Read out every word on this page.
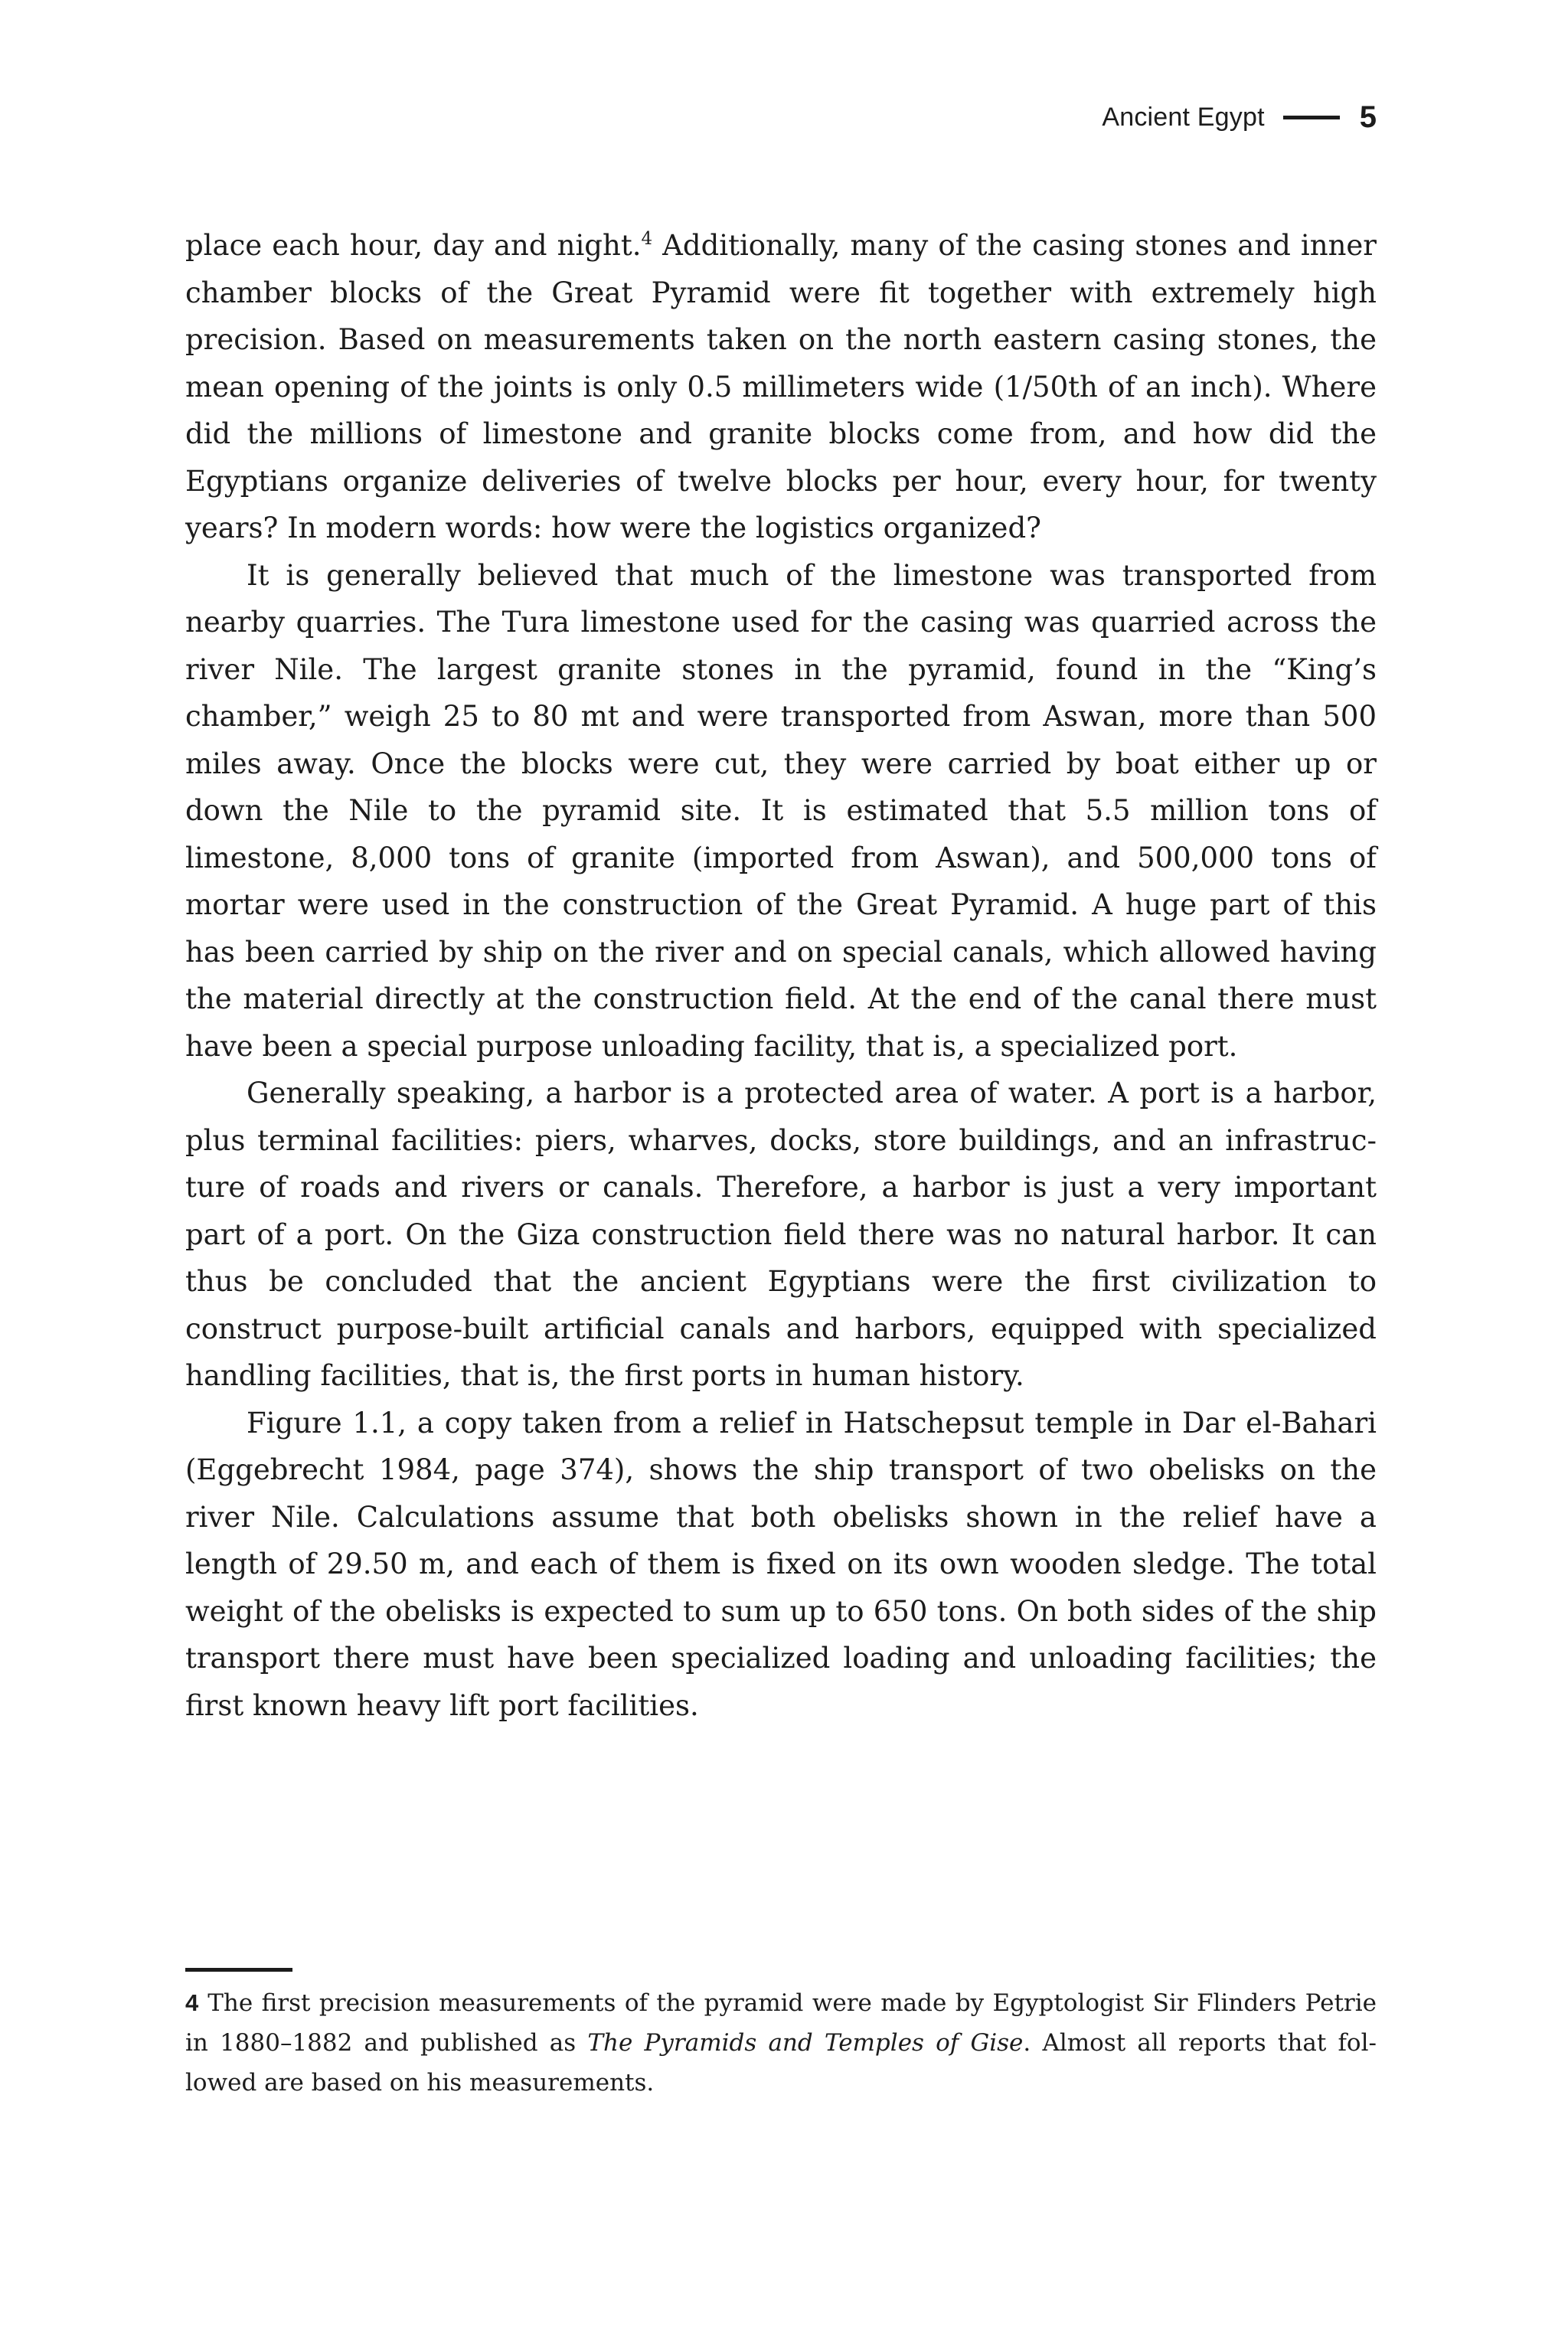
Ancient Egypt	5

place each hour, day and night.$^4$ Additionally, many of the casing stones and inner chamber blocks of the Great Pyramid were fit together with extremely high precision. Based on measurements taken on the north eastern casing stones, the mean opening of the joints is only 0.5 millimeters wide (1/50th of an inch). Where did the millions of limestone and granite blocks come from, and how did the Egyptians organize deliveries of twelve blocks per hour, every hour, for twenty years? In modern words: how were the logistics organized?

It is generally believed that much of the limestone was transported from nearby quarries. The Tura limestone used for the casing was quarried across the river Nile. The largest granite stones in the pyramid, found in the “King’s chamber,” weigh 25 to 80 mt and were transported from Aswan, more than 500 miles away. Once the blocks were cut, they were carried by boat either up or down the Nile to the pyramid site. It is estimated that 5.5 million tons of limestone, 8,000 tons of granite (imported from Aswan), and 500,000 tons of mortar were used in the construction of the Great Pyramid. A huge part of this has been carried by ship on the river and on special canals, which allowed having the material directly at the construction field. At the end of the canal there must have been a special purpose unloading facility, that is, a specialized port.

Generally speaking, a harbor is a protected area of water. A port is a harbor, plus terminal facilities: piers, wharves, docks, store buildings, and an infrastructure of roads and rivers or canals. Therefore, a harbor is just a very important part of a port. On the Giza construction field there was no natural harbor. It can thus be concluded that the ancient Egyptians were the first civilization to construct purpose-built artificial canals and harbors, equipped with specialized handling facilities, that is, the first ports in human history.

Figure 1.1, a copy taken from a relief in Hatschepsut temple in Dar el-Bahari (Eggebrecht 1984, page 374), shows the ship transport of two obelisks on the river Nile. Calculations assume that both obelisks shown in the relief have a length of 29.50 m, and each of them is fixed on its own wooden sledge. The total weight of the obelisks is expected to sum up to 650 tons. On both sides of the ship transport there must have been specialized loading and unloading facilities; the first known heavy lift port facilities.

4 The first precision measurements of the pyramid were made by Egyptologist Sir Flinders Petrie in 1880–1882 and published as The Pyramids and Temples of Gise. Almost all reports that followed are based on his measurements.
